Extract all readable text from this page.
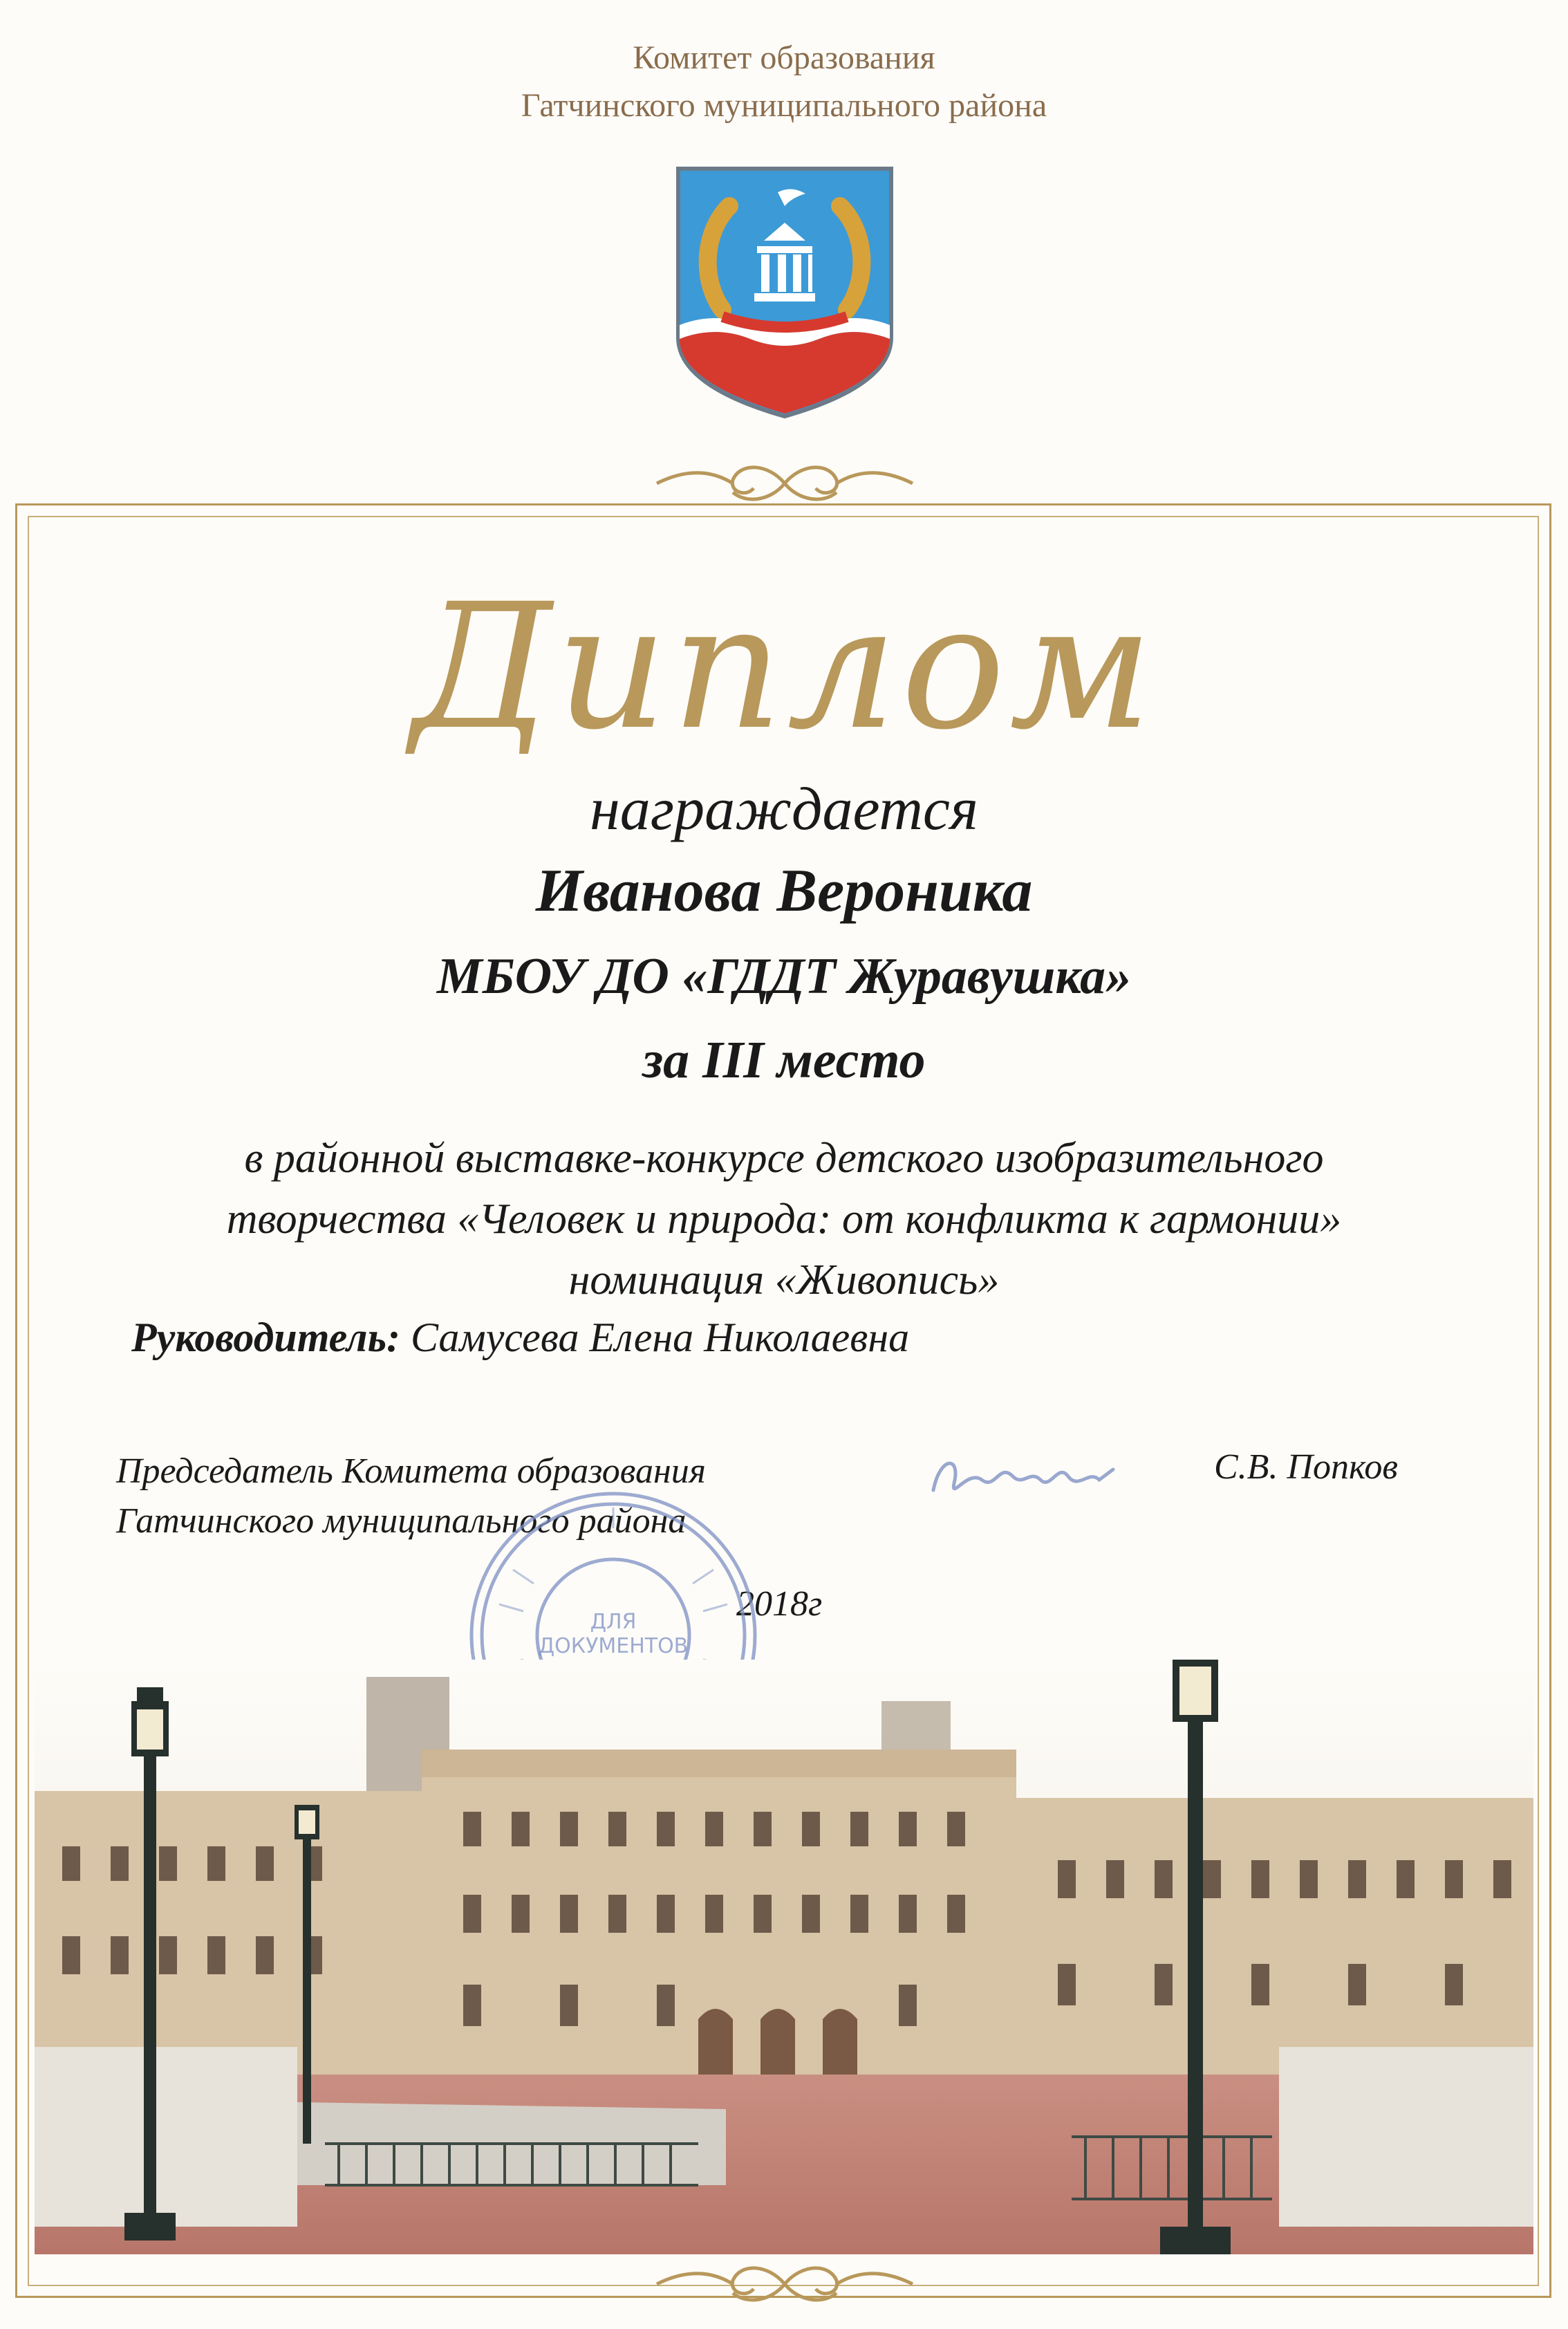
Комитет образования
Гатчинского муниципального района
Диплом
награждается
Иванова Вероника
МБОУ ДО «ГДДТ Журавушка»
за III место
в районной выставке-конкурсе детского изобразительного
творчества «Человек и природа: от конфликта к гармонии»
номинация «Живопись»
Руководитель: Самусева Елена Николаевна
Председатель Комитета образования
Гатчинского муниципального района
С.В. Попков
2018г
ДЛЯ
ДОКУМЕНТОВ
